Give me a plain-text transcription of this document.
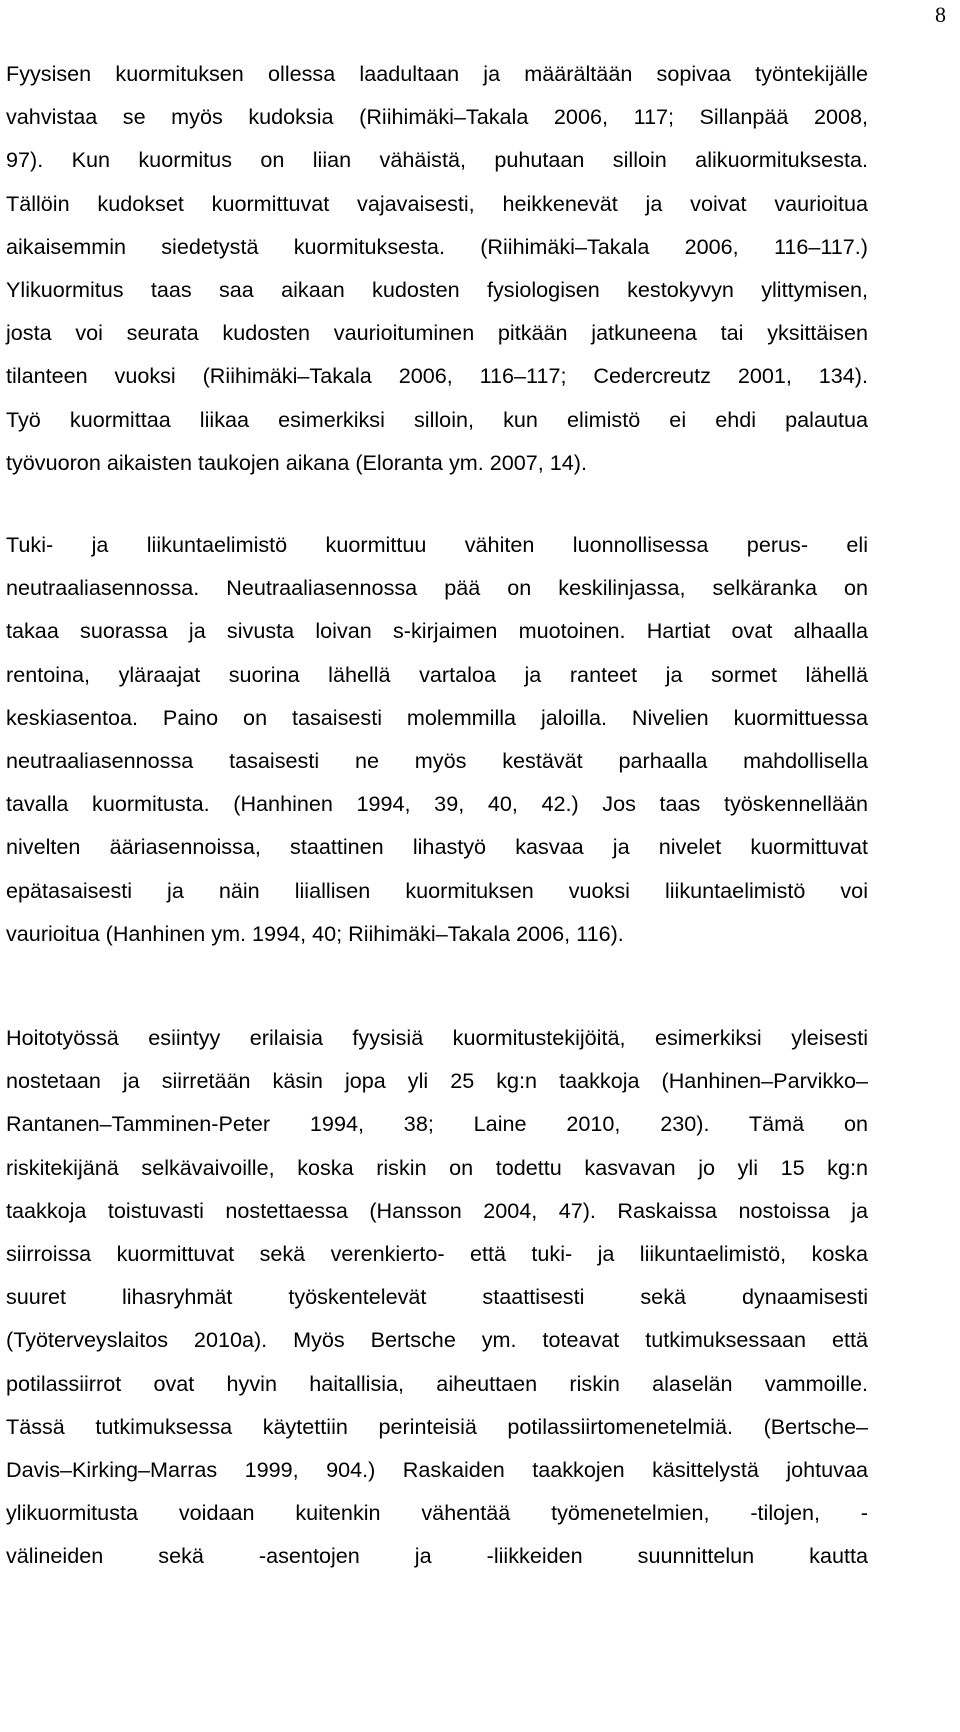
8
Fyysisen kuormituksen ollessa laadultaan ja määrältään sopivaa työntekijälle
vahvistaa se myös kudoksia (Riihimäki–Takala 2006, 117; Sillanpää 2008,
97). Kun kuormitus on liian vähäistä, puhutaan silloin alikuormituksesta.
Tällöin kudokset kuormittuvat vajavaisesti, heikkenevät ja voivat vaurioitua
aikaisemmin siedetystä kuormituksesta. (Riihimäki–Takala 2006, 116–117.)
Ylikuormitus taas saa aikaan kudosten fysiologisen kestokyvyn ylittymisen,
josta voi seurata kudosten vaurioituminen pitkään jatkuneena tai yksittäisen
tilanteen vuoksi (Riihimäki–Takala 2006, 116–117; Cedercreutz 2001, 134).
Työ kuormittaa liikaa esimerkiksi silloin, kun elimistö ei ehdi palautua
työvuoron aikaisten taukojen aikana (Eloranta ym. 2007, 14).
Tuki- ja liikuntaelimistö kuormittuu vähiten luonnollisessa perus- eli
neutraaliasennossa. Neutraaliasennossa pää on keskilinjassa, selkäranka on
takaa suorassa ja sivusta loivan s-kirjaimen muotoinen. Hartiat ovat alhaalla
rentoina, yläraajat suorina lähellä vartaloa ja ranteet ja sormet lähellä
keskiasentoa. Paino on tasaisesti molemmilla jaloilla. Nivelien kuormittuessa
neutraaliasennossa tasaisesti ne myös kestävät parhaalla mahdollisella
tavalla kuormitusta. (Hanhinen 1994, 39, 40, 42.) Jos taas työskennellään
nivelten ääriasennoissa, staattinen lihastyö kasvaa ja nivelet kuormittuvat
epätasaisesti ja näin liiallisen kuormituksen vuoksi liikuntaelimistö voi
vaurioitua (Hanhinen ym. 1994, 40; Riihimäki–Takala 2006, 116).
Hoitotyössä esiintyy erilaisia fyysisiä kuormitustekijöitä, esimerkiksi yleisesti
nostetaan ja siirretään käsin jopa yli 25 kg:n taakkoja (Hanhinen–Parvikko–
Rantanen–Tamminen-Peter 1994, 38; Laine 2010, 230). Tämä on
riskitekijänä selkävaivoille, koska riskin on todettu kasvavan jo yli 15 kg:n
taakkoja toistuvasti nostettaessa (Hansson 2004, 47). Raskaissa nostoissa ja
siirroissa kuormittuvat sekä verenkierto- että tuki- ja liikuntaelimistö, koska
suuret lihasryhmät työskentelevät staattisesti sekä dynaamisesti
(Työterveyslaitos 2010a). Myös Bertsche ym. toteavat tutkimuksessaan että
potilassiirrot ovat hyvin haitallisia, aiheuttaen riskin alaselän vammoille.
Tässä tutkimuksessa käytettiin perinteisiä potilassiirtomenetelmiä. (Bertsche–
Davis–Kirking–Marras 1999, 904.) Raskaiden taakkojen käsittelystä johtuvaa
ylikuormitusta voidaan kuitenkin vähentää työmenetelmien, -tilojen, -
välineiden sekä -asentojen ja -liikkeiden suunnittelun kautta
